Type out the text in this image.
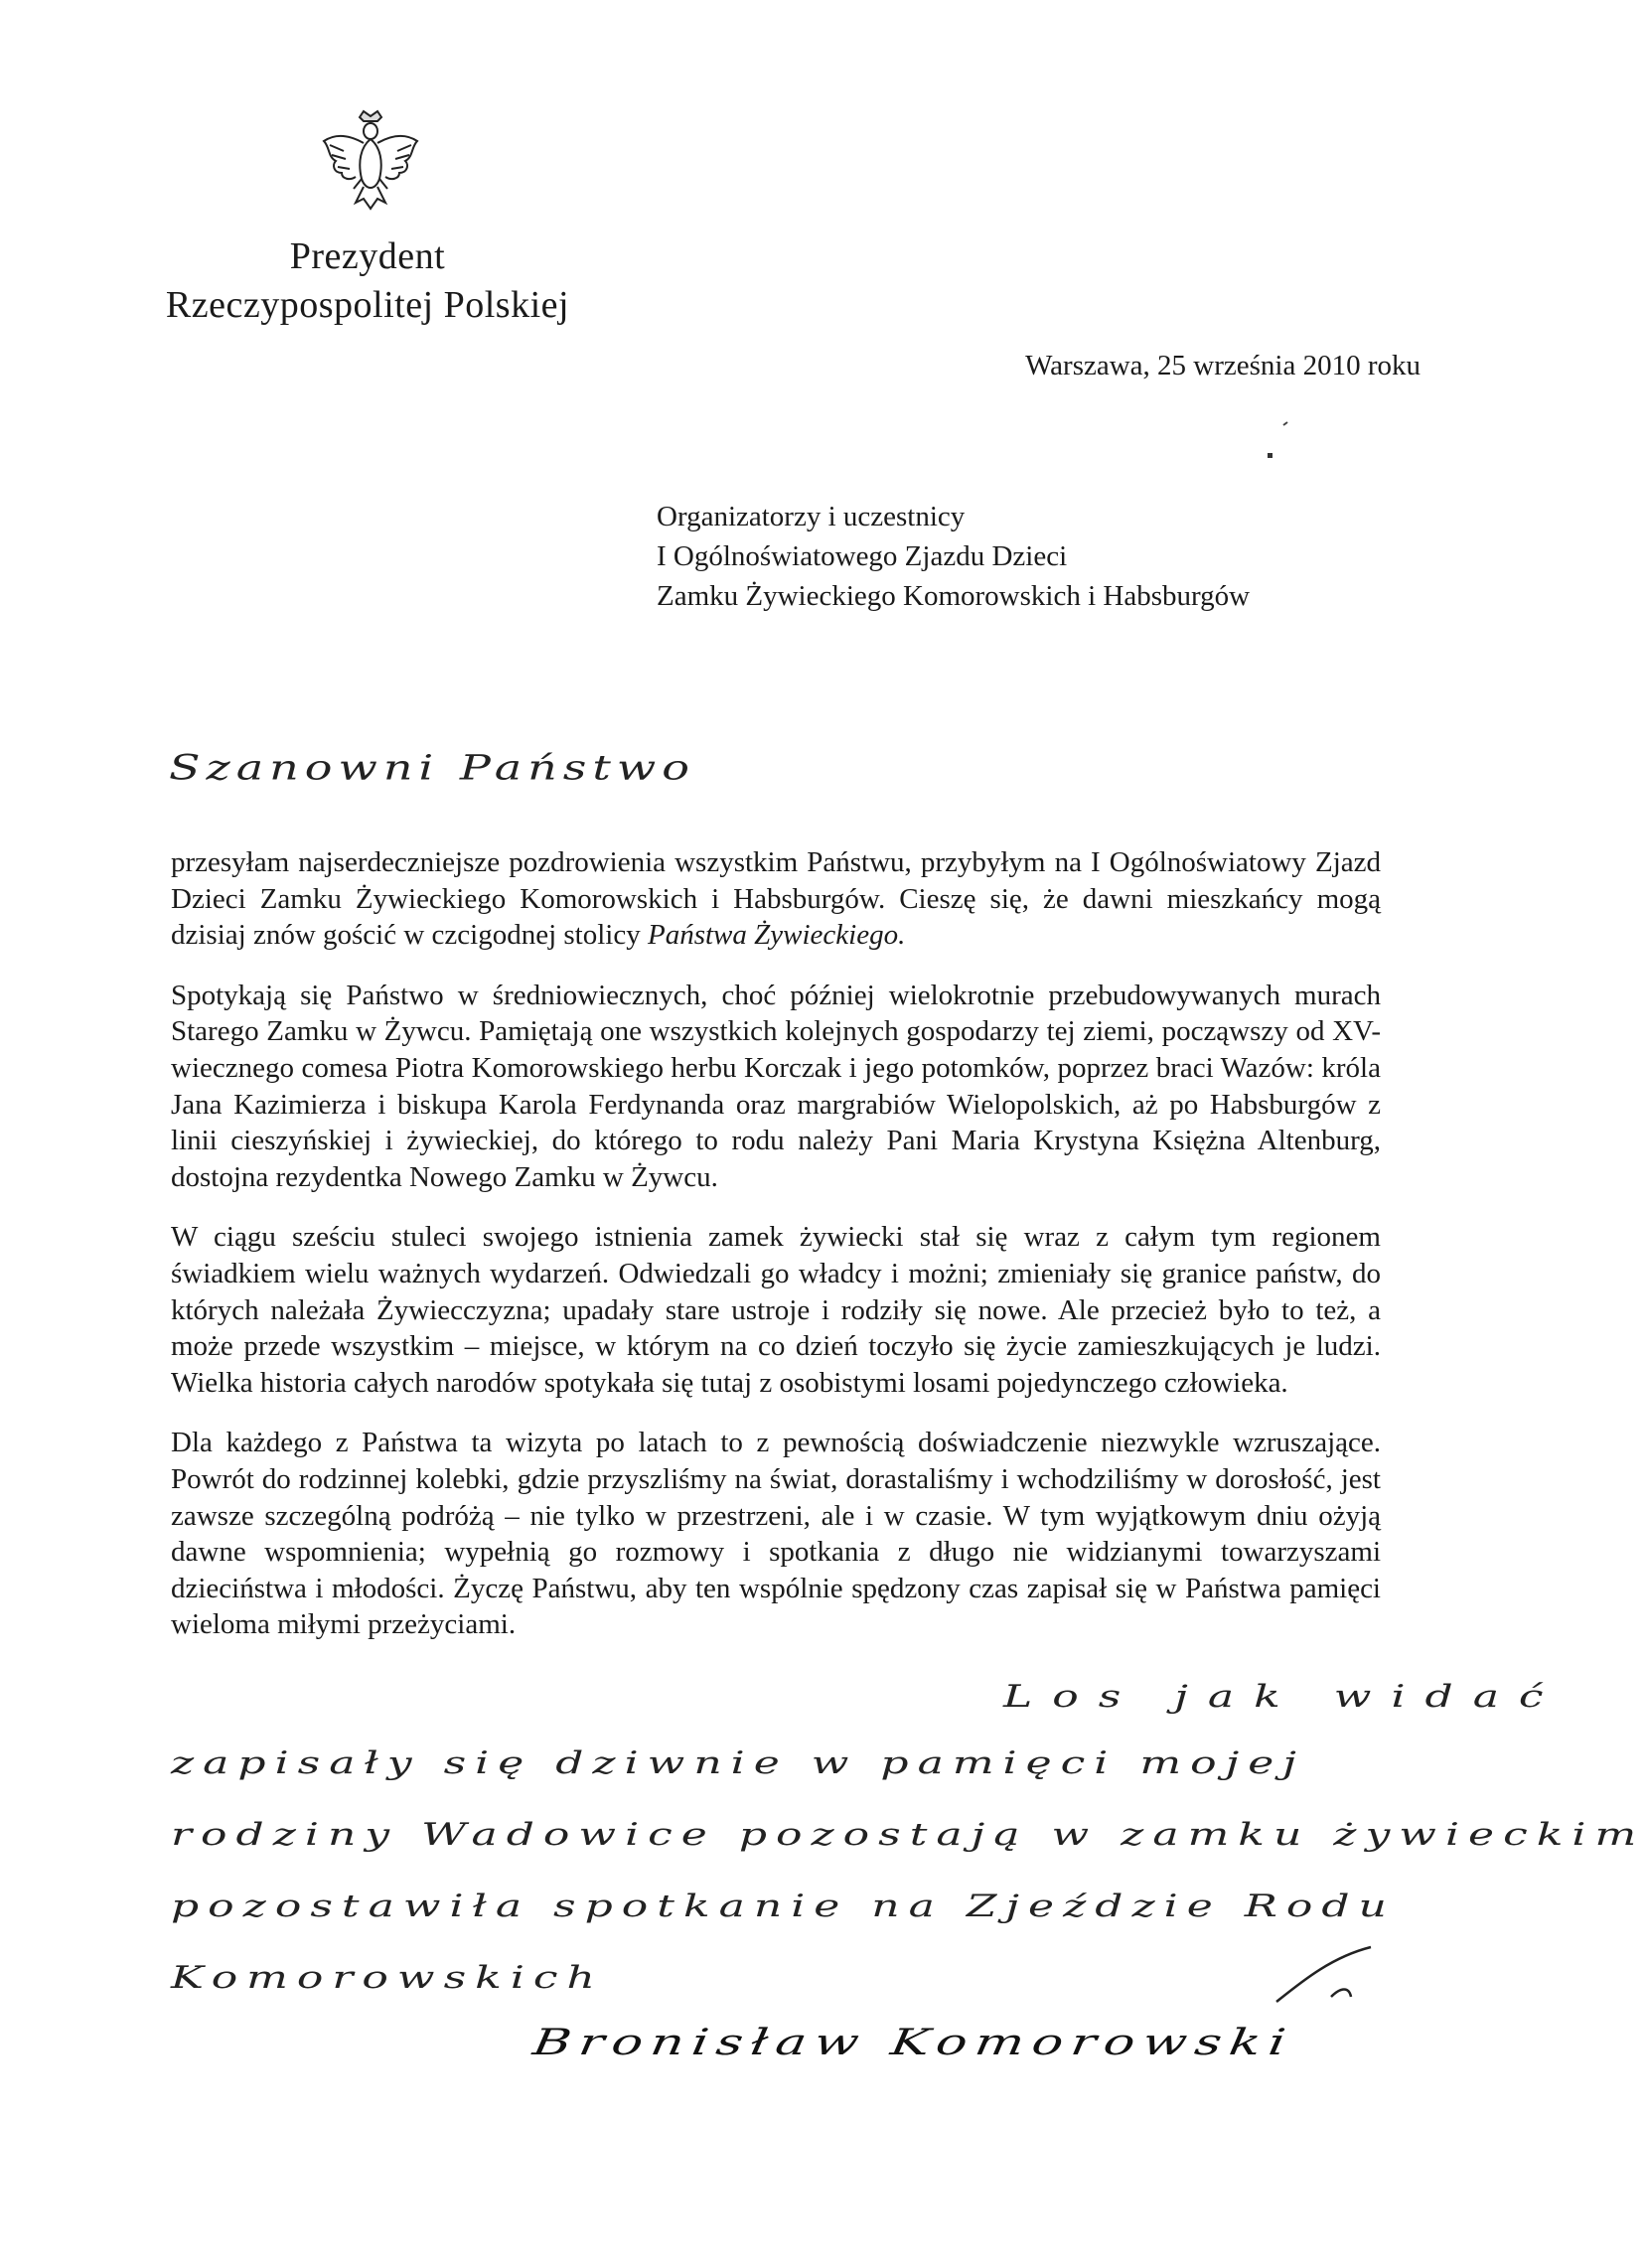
Prezydent
Rzeczypospolitej Polskiej
Warszawa, 25 września 2010 roku
Organizatorzy i uczestnicy
I Ogólnoświatowego Zjazdu Dzieci
Zamku Żywieckiego Komorowskich i Habsburgów
Szanowni Państwo

przesyłam najserdeczniejsze pozdrowienia wszystkim Państwu, przybyłym na I Ogólnoświatowy Zjazd Dzieci Zamku Żywieckiego Komorowskich i Habsburgów. Cieszę się, że dawni mieszkańcy mogą dzisiaj znów gościć w czcigodnej stolicy Państwa Żywieckiego.

Spotykają się Państwo w średniowiecznych, choć później wielokrotnie przebudowywanych murach Starego Zamku w Żywcu. Pamiętają one wszystkich kolejnych gospodarzy tej ziemi, począwszy od XV-wiecznego comesa Piotra Komorowskiego herbu Korczak i jego potomków, poprzez braci Wazów: króla Jana Kazimierza i biskupa Karola Ferdynanda oraz margrabiów Wielopolskich, aż po Habsburgów z linii cieszyńskiej i żywieckiej, do którego to rodu należy Pani Maria Krystyna Księżna Altenburg, dostojna rezydentka Nowego Zamku w Żywcu.

W ciągu sześciu stuleci swojego istnienia zamek żywiecki stał się wraz z całym tym regionem świadkiem wielu ważnych wydarzeń. Odwiedzali go władcy i możni; zmieniały się granice państw, do których należała Żywiecczyzna; upadały stare ustroje i rodziły się nowe. Ale przecież było to też, a może przede wszystkim – miejsce, w którym na co dzień toczyło się życie zamieszkujących je ludzi. Wielka historia całych narodów spotykała się tutaj z osobistymi losami pojedynczego człowieka.

Dla każdego z Państwa ta wizyta po latach to z pewnością doświadczenie niezwykle wzruszające. Powrót do rodzinnej kolebki, gdzie przyszliśmy na świat, dorastaliśmy i wchodziliśmy w dorosłość, jest zawsze szczególną podróżą – nie tylko w przestrzeni, ale i w czasie. W tym wyjątkowym dniu ożyją dawne wspomnienia; wypełnią go rozmowy i spotkania z długo nie widzianymi towarzyszami dzieciństwa i młodości. Życzę Państwu, aby ten wspólnie spędzony czas zapisał się w Państwa pamięci wieloma miłymi przeżyciami.

Los jak widać
zapisały się dziwnie w pamięci mojej
rodziny Wadowice pozostają w zamku żywieckim
pozostawiła spotkanie na Zjeździe Rodu
Komorowskich
Bronisław Komorowski
